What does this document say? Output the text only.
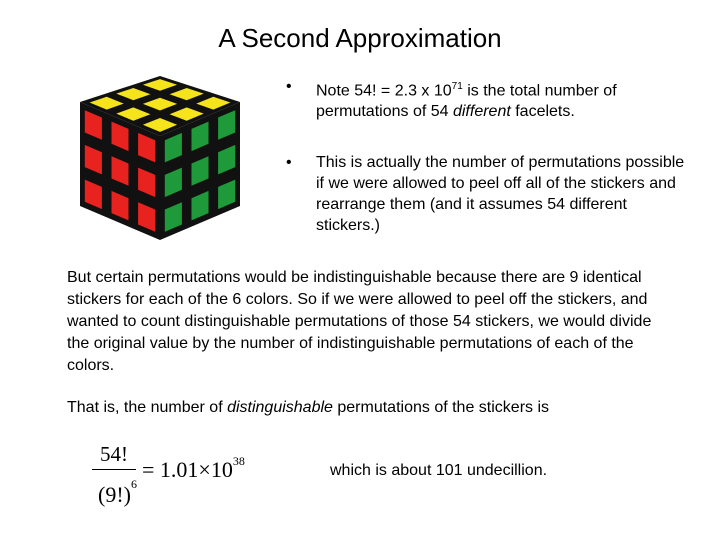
A Second Approximation
• Note 54! = 2.3 x $10^{71}$ is the total number of permutations of 54 different facelets.
• This is actually the number of permutations possible if we were allowed to peel off all of the stickers and rearrange them (and it assumes 54 different stickers.)

But certain permutations would be indistinguishable because there are 9 identical stickers for each of the 6 colors. So if we were allowed to peel off the stickers, and wanted to count distinguishable permutations of those 54 stickers, we would divide the original value by the number of indistinguishable permutations of each of the colors.

That is, the number of distinguishable permutations of the stickers is

54!
$(9!)^6$
= $1.01\times 10^{38}$
which is about 101 undecillion.
